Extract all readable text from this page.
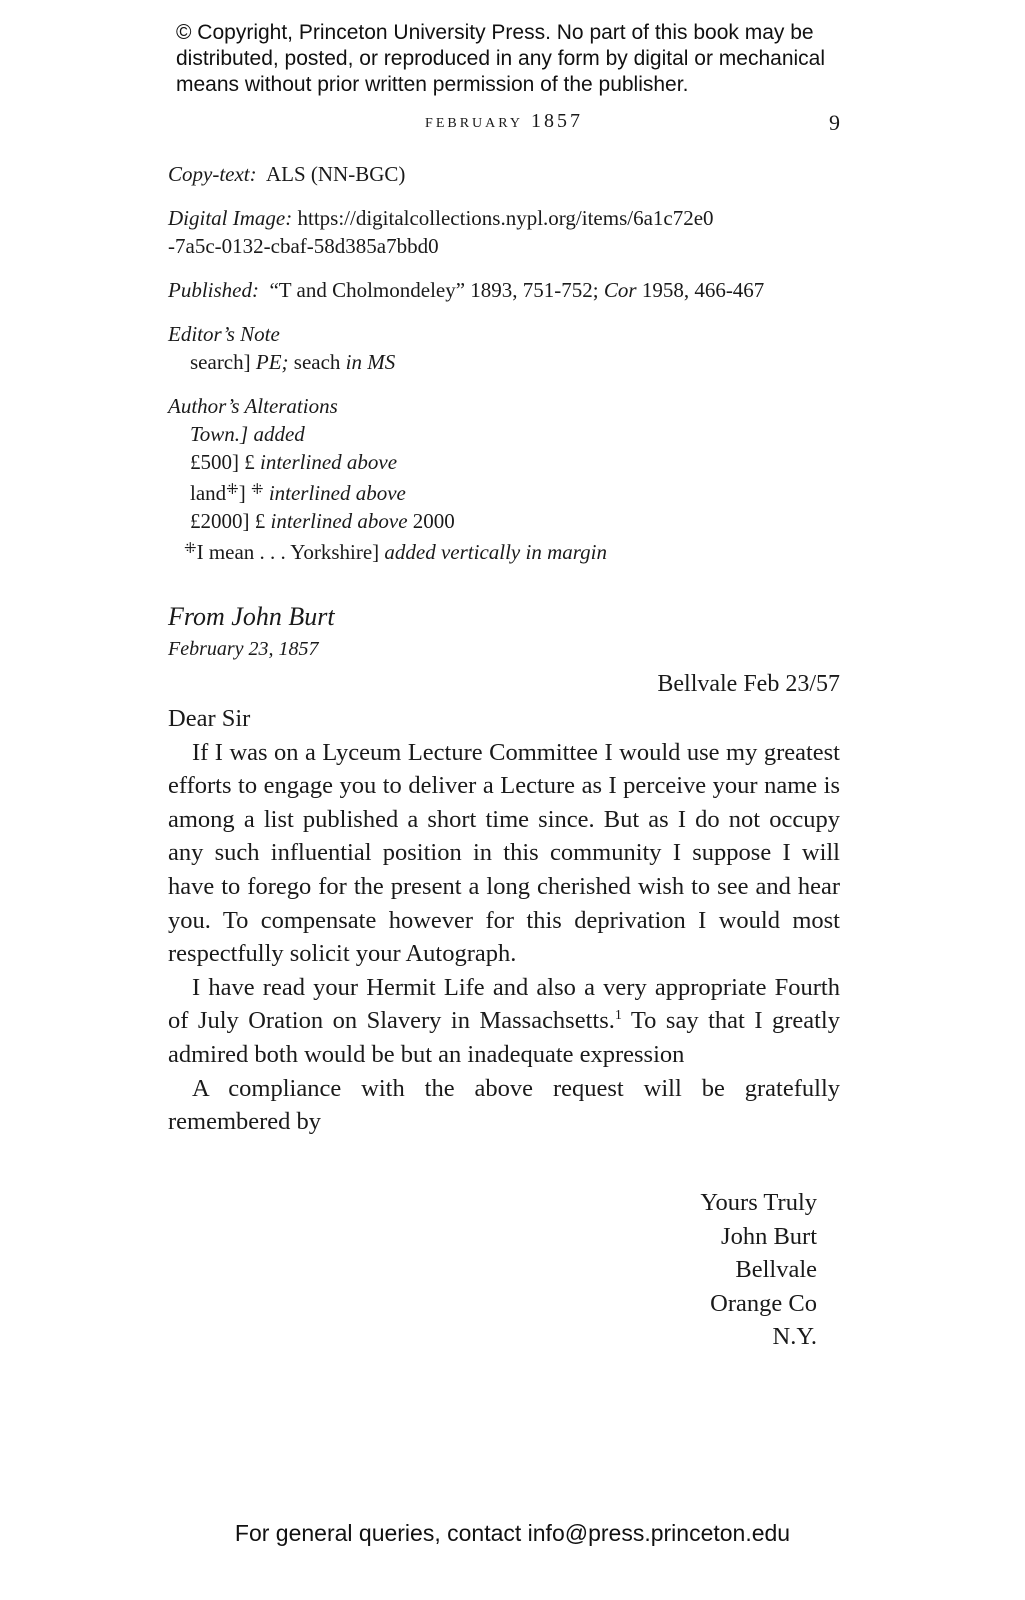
© Copyright, Princeton University Press. No part of this book may be
distributed, posted, or reproduced in any form by digital or mechanical
means without prior written permission of the publisher.
february 1857	9

Copy-text: ALS (NN-BGC)

Digital Image: https://digitalcollections.nypl.org/items/6a1c72e0

-7a5c-0132-cbaf-58d385a7bbd0

Published: “T and Cholmondeley” 1893, 751-752; Cor 1958, 466-467

Editor’s Note

search] PE; seach in MS

Author’s Alterations

Town.] added

£500] £ interlined above

land⁜] ⁜ interlined above

£2000] £ interlined above 2000

⁜I mean . . . Yorkshire] added vertically in margin

From John Burt
February 23, 1857
Bellvale Feb 23/57

Dear Sir

If I was on a Lyceum Lecture Committee I would use my greatest efforts to engage you to deliver a Lecture as I perceive your name is among a list published a short time since. But as I do not occupy any such influential position in this community I suppose I will have to forego for the present a long cherished wish to see and hear you. To compensate however for this deprivation I would most respectfully solicit your Autograph.

I have read your Hermit Life and also a very appropriate Fourth of July Oration on Slavery in Massachsetts.$^1$ To say that I greatly admired both would be but an inadequate expression

A compliance with the above request will be gratefully remembered by

Yours Truly
John Burt
Bellvale
Orange Co
N.Y.
For general queries, contact info@press.princeton.edu
